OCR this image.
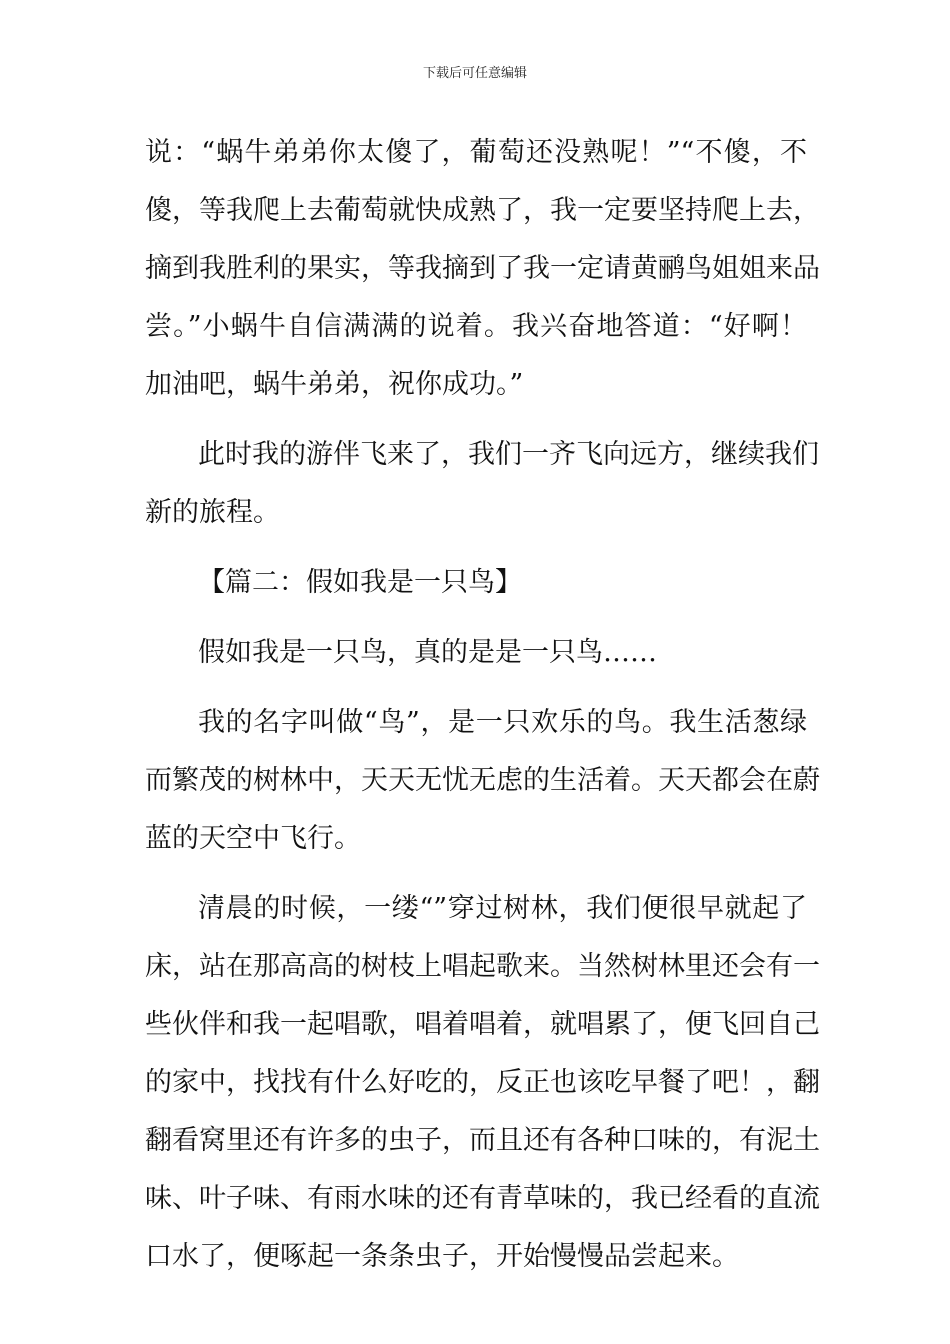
下载后可任意编辑
说：“蜗牛弟弟你太傻了，葡萄还没熟呢！”“不傻，不
傻，等我爬上去葡萄就快成熟了，我一定要坚持爬上去，
摘到我胜利的果实，等我摘到了我一定请黄鹂鸟姐姐来品
尝。”小蜗牛自信满满的说着。我兴奋地答道：“好啊！
加油吧，蜗牛弟弟，祝你成功。”
此时我的游伴飞来了，我们一齐飞向远方，继续我们
新的旅程。
【篇二：假如我是一只鸟】
假如我是一只鸟，真的是是一只鸟……
我的名字叫做“鸟”，是一只欢乐的鸟。我生活葱绿
而繁茂的树林中，天天无忧无虑的生活着。天天都会在蔚
蓝的天空中飞行。
清晨的时候，一缕“”穿过树林，我们便很早就起了
床，站在那高高的树枝上唱起歌来。当然树林里还会有一
些伙伴和我一起唱歌，唱着唱着，就唱累了，便飞回自己
的家中，找找有什么好吃的，反正也该吃早餐了吧！，翻
翻看窝里还有许多的虫子，而且还有各种口味的，有泥土
味、叶子味、有雨水味的还有青草味的，我已经看的直流
口水了，便啄起一条条虫子，开始慢慢品尝起来。
